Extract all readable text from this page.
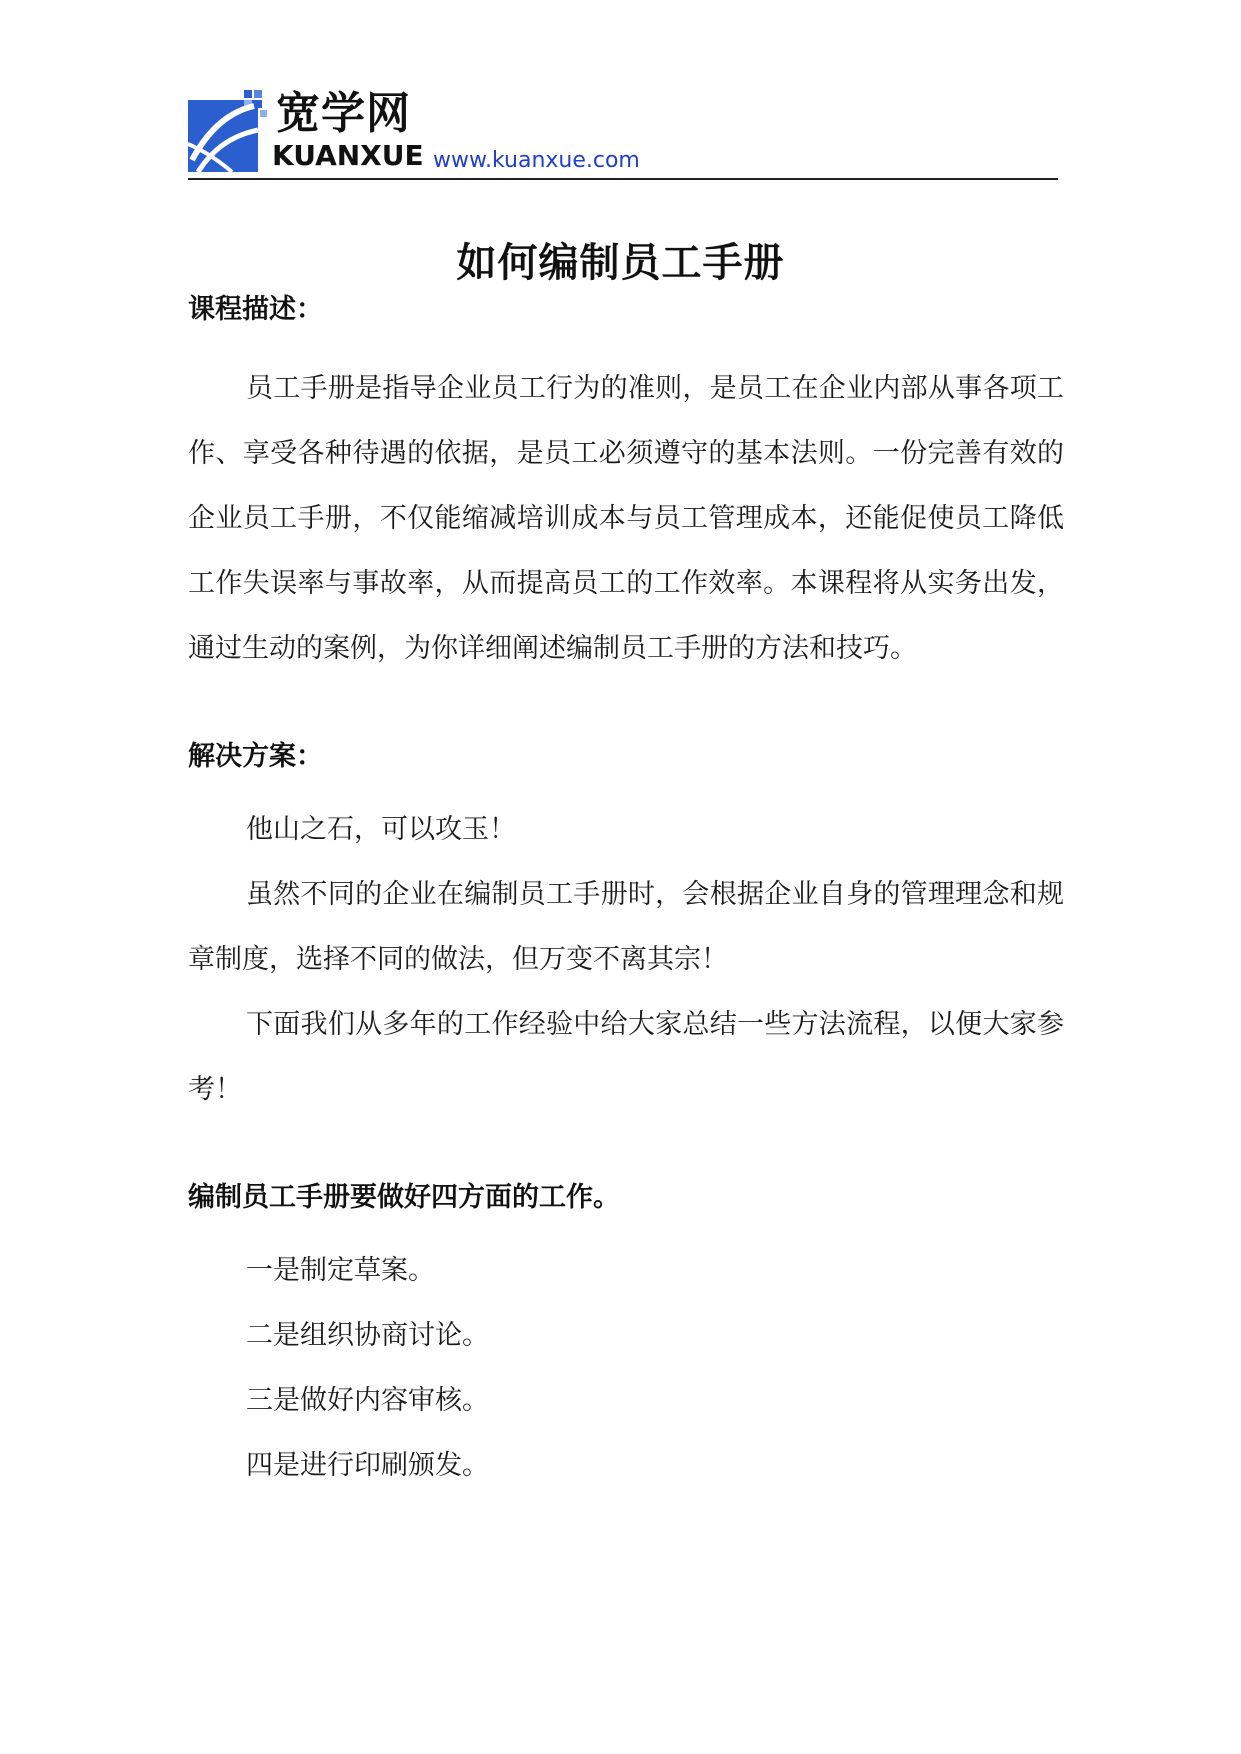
宽学网
KUANXUE www.kuanxue.com
如何编制员工手册

课程描述：

员工手册是指导企业员工行为的准则，是员工在企业内部从事各项工作、享受各种待遇的依据，是员工必须遵守的基本法则。一份完善有效的企业员工手册，不仅能缩减培训成本与员工管理成本，还能促使员工降低工作失误率与事故率，从而提高员工的工作效率。本课程将从实务出发，通过生动的案例，为你详细阐述编制员工手册的方法和技巧。

解决方案：

他山之石，可以攻玉！

虽然不同的企业在编制员工手册时，会根据企业自身的管理理念和规章制度，选择不同的做法，但万变不离其宗！

下面我们从多年的工作经验中给大家总结一些方法流程，以便大家参考！

编制员工手册要做好四方面的工作。

一是制定草案。

二是组织协商讨论。

三是做好内容审核。

四是进行印刷颁发。
